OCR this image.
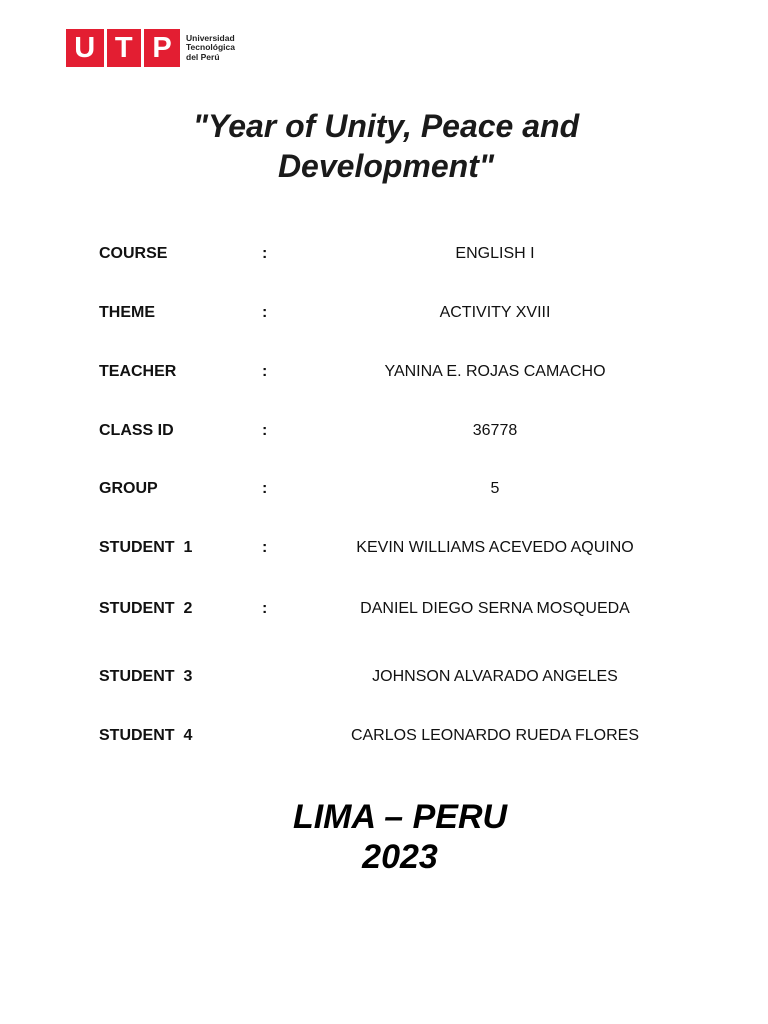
U T P Universidad
Tecnológica
del Perú
"Year of Unity, Peace and
Development"
COURSE	:	ENGLISH I
THEME	:	ACTIVITY XVIII
TEACHER	:	YANINA E. ROJAS CAMACHO
CLASS ID	:	36778
GROUP	:	5
STUDENT  1	:	KEVIN WILLIAMS ACEVEDO AQUINO
STUDENT  2	:	DANIEL DIEGO SERNA MOSQUEDA
STUDENT  3	JOHNSON ALVARADO ANGELES
STUDENT  4	CARLOS LEONARDO RUEDA FLORES
LIMA – PERU
2023
